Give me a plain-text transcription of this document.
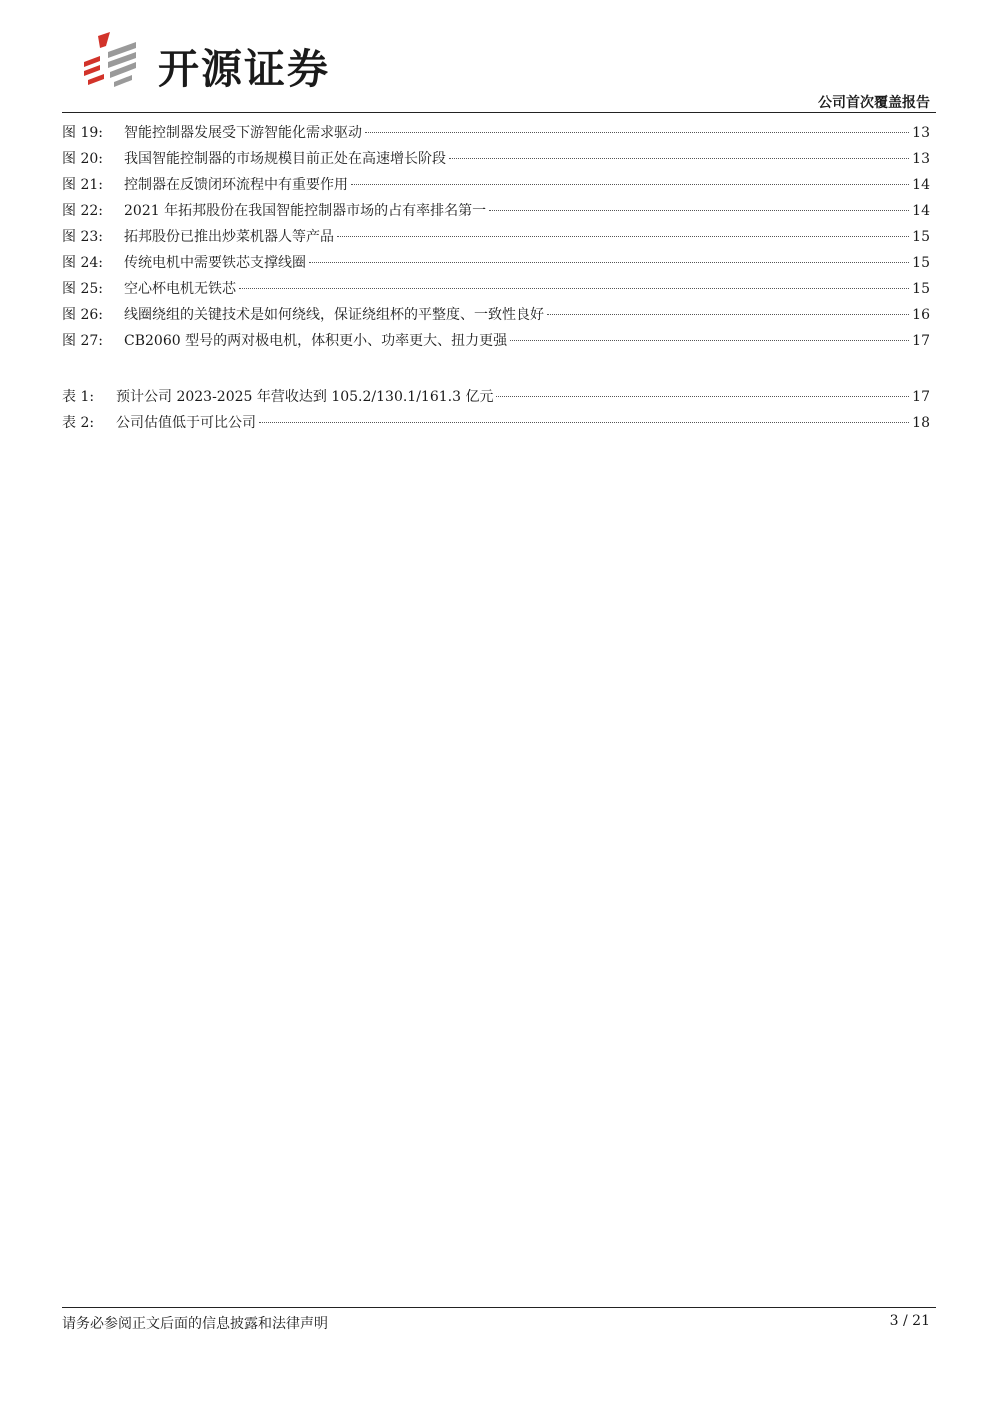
开源证券
公司首次覆盖报告
图 19:	智能控制器发展受下游智能化需求驱动	13
图 20:	我国智能控制器的市场规模目前正处在高速增长阶段	13
图 21:	控制器在反馈闭环流程中有重要作用	14
图 22:	2021 年拓邦股份在我国智能控制器市场的占有率排名第一	14
图 23:	拓邦股份已推出炒菜机器人等产品	15
图 24:	传统电机中需要铁芯支撑线圈	15
图 25:	空心杯电机无铁芯	15
图 26:	线圈绕组的关键技术是如何绕线，保证绕组杯的平整度、一致性良好	16
图 27:	CB2060 型号的两对极电机，体积更小、功率更大、扭力更强	17
表 1:	预计公司 2023-2025 年营收达到 105.2/130.1/161.3 亿元	17
表 2:	公司估值低于可比公司	18
请务必参阅正文后面的信息披露和法律声明	3 / 21
